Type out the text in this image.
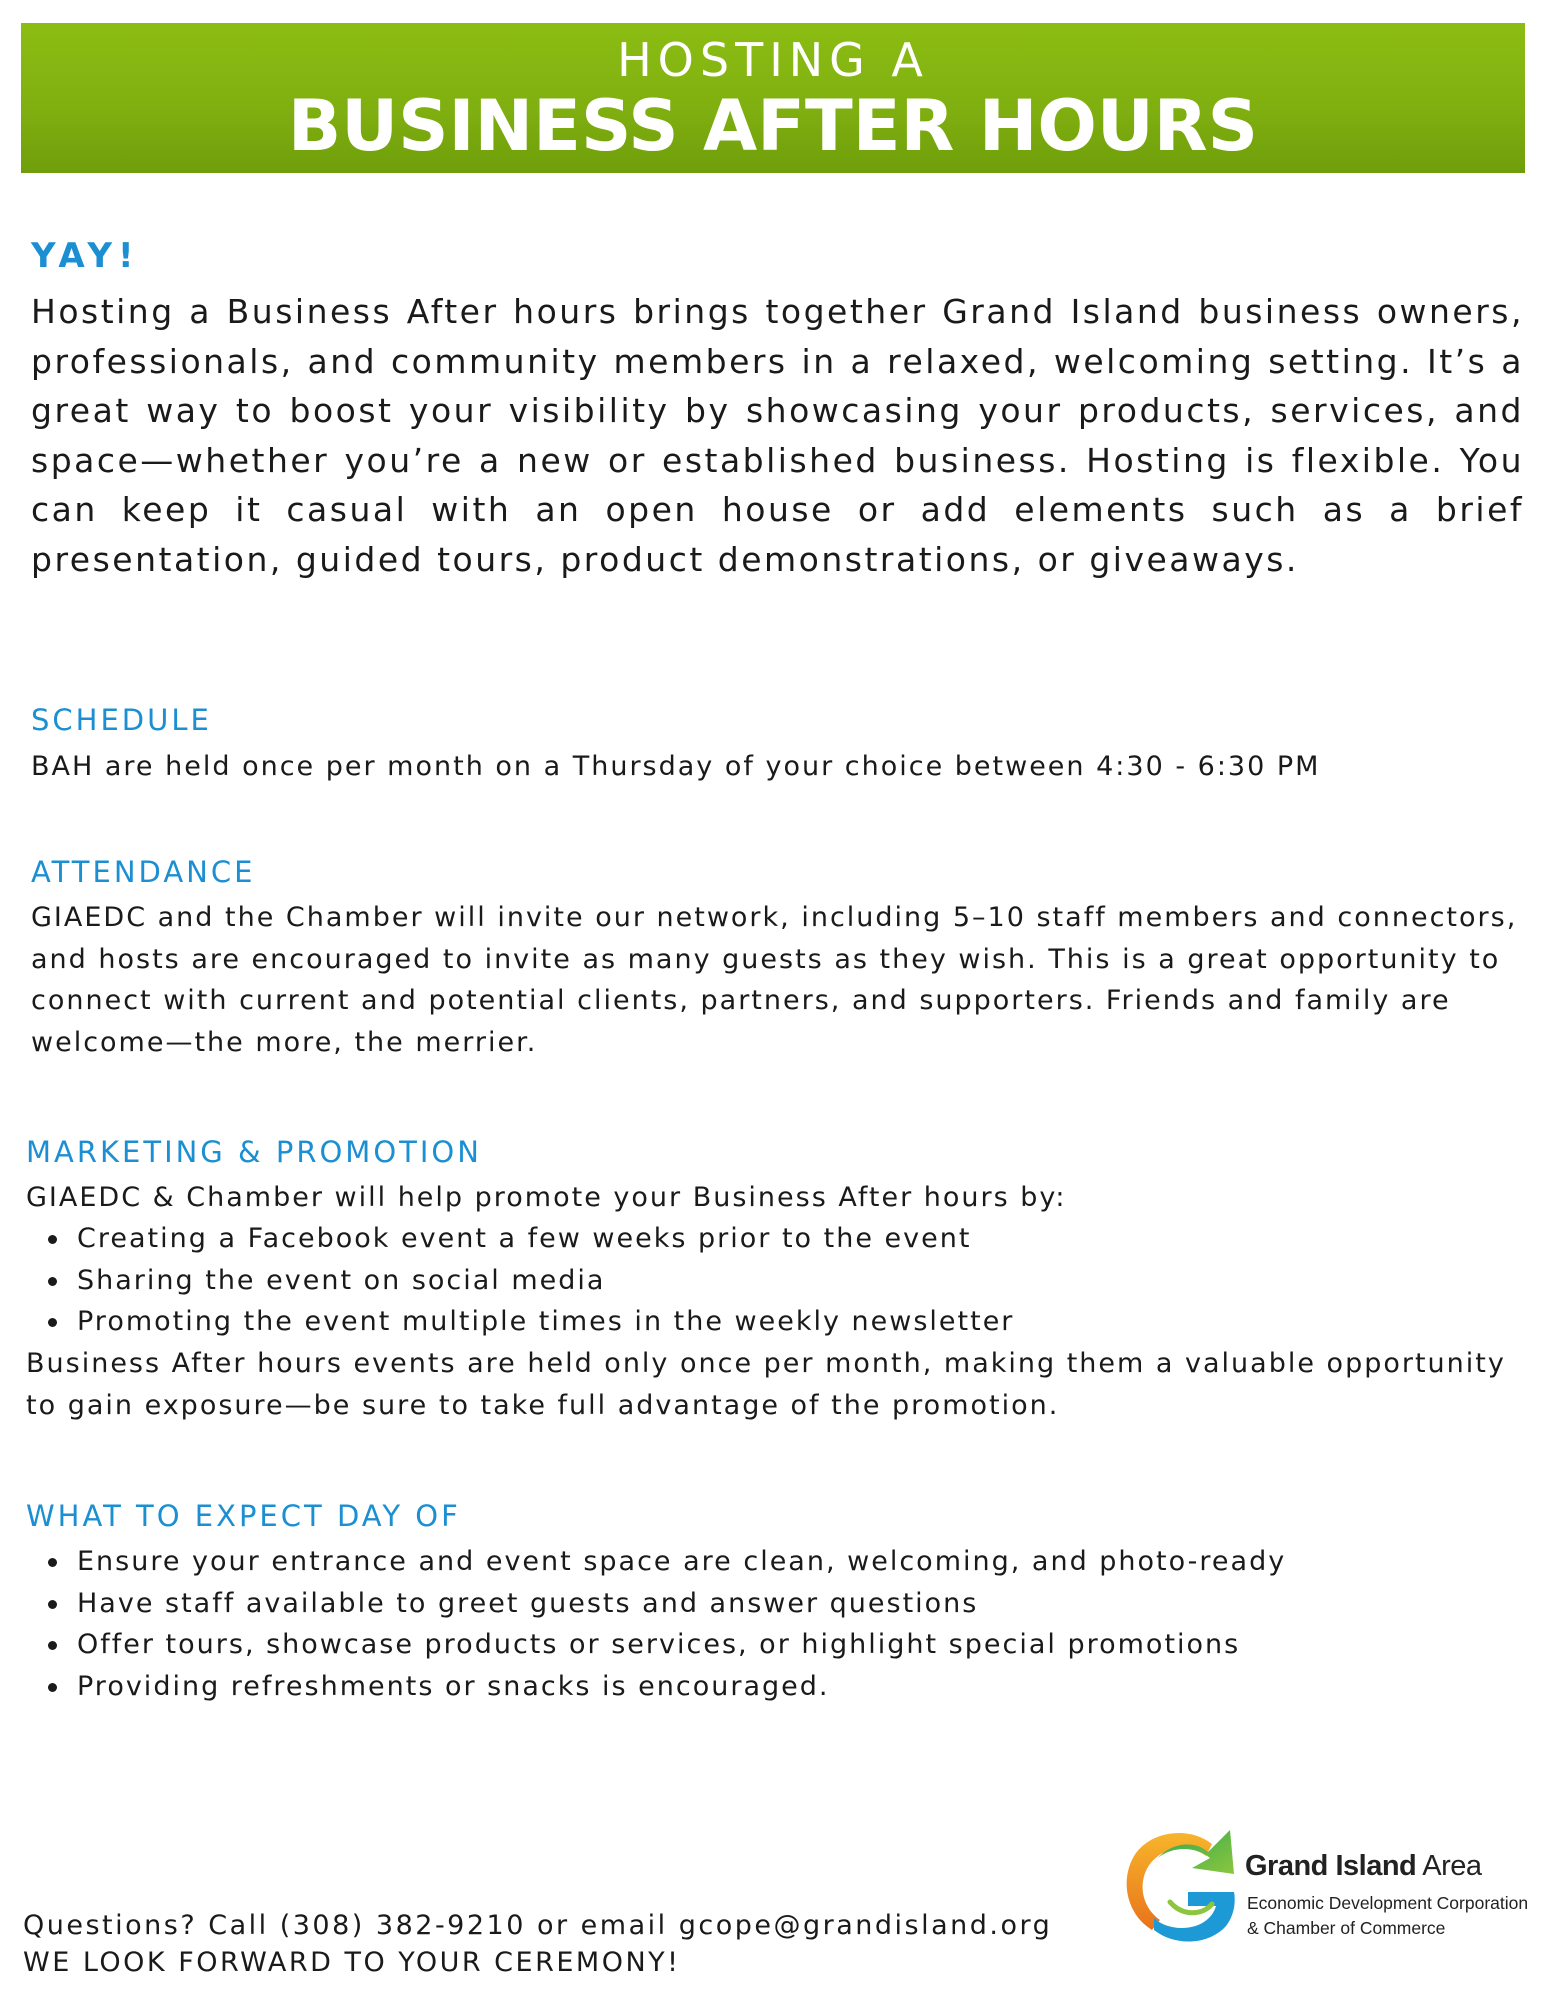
HOSTING A
BUSINESS AFTER HOURS
YAY!

Hosting a Business After hours brings together Grand Island business owners, professionals, and community members in a relaxed, welcoming setting. It’s a great way to boost your visibility by showcasing your products, services, and space—whether you’re a new or established business. Hosting is flexible. You can keep it casual with an open house or add elements such as a brief presentation, guided tours, product demonstrations, or giveaways.

SCHEDULE

BAH are held once per month on a Thursday of your choice between 4:30 - 6:30 PM

ATTENDANCE

GIAEDC and the Chamber will invite our network, including 5–10 staff members and connectors, and hosts are encouraged to invite as many guests as they wish. This is a great opportunity to connect with current and potential clients, partners, and supporters. Friends and family are welcome—the more, the merrier.

MARKETING & PROMOTION

GIAEDC & Chamber will help promote your Business After hours by:

Creating a Facebook event a few weeks prior to the event
Sharing the event on social media
Promoting the event multiple times in the weekly newsletter

Business After hours events are held only once per month, making them a valuable opportunity to gain exposure—be sure to take full advantage of the promotion.

WHAT TO EXPECT DAY OF
Ensure your entrance and event space are clean, welcoming, and photo-ready
Have staff available to greet guests and answer questions
Offer tours, showcase products or services, or highlight special promotions
Providing refreshments or snacks is encouraged.
Questions? Call (308) 382-9210 or email gcope@grandisland.org
WE LOOK FORWARD TO YOUR CEREMONY!
Grand Island Area
Economic Development Corporation
& Chamber of Commerce
